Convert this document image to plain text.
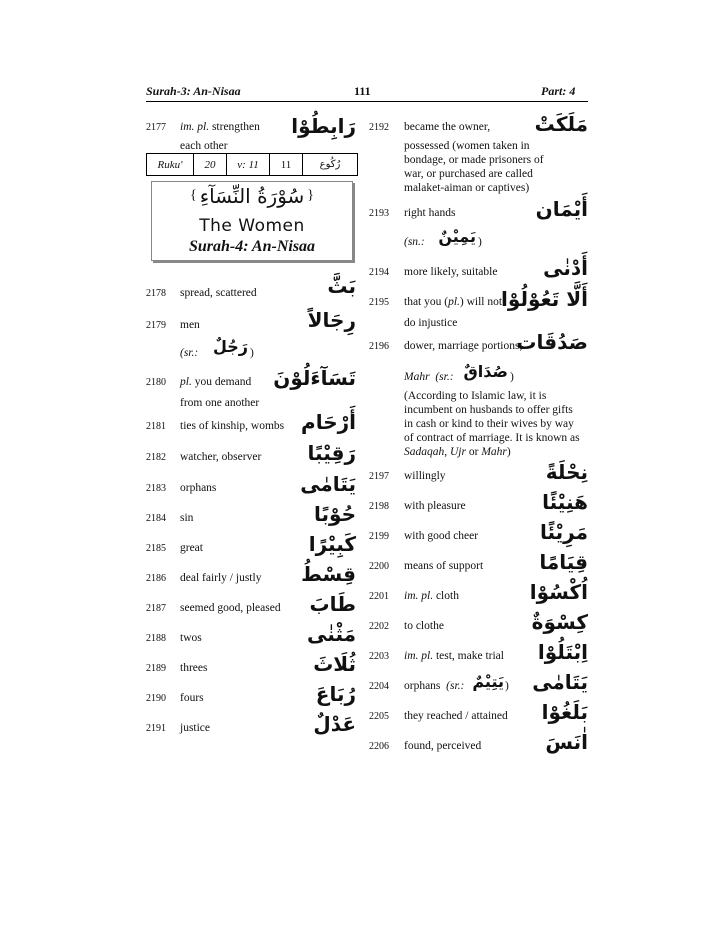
Surah-3: An-Nisaa	111	Part: 4
2177 im. pl. strengthen
each other
رَابِطُوْا
Ruku'	20	v: 11	11	رُكُوع
{	}
سُوْرَةُ النِّسَآءِ
The Women
Surah-4: An-Nisaa
2178 spread, scattered	بَثَّ
2179 men	رِجَالاً
(sr.: رَجُلٌ )
2180 pl. you demand
from one another
تَسَآءَلُوْنَ
2181 ties of kinship, wombs أَرْحَام
2182 watcher, observer	رَقِيْبًا
2183 orphans	يَتَامٰى
2184 sin	حُوْبًا
2185 great	كَبِيْرًا
2186 deal fairly / justly	قِسْطُ
2187 seemed good, pleased	طَابَ
2188 twos	مَثْنٰى
2189 threes	ثُلَاثَ
2190 fours	رُبَاعَ
2191 justice	عَدْلٌ
2192 became the owner,
possessed (women taken in bondage, or made prisoners of war, or purchased are called malaket-aiman or captives)
مَلَكَتْ
2193 right hands	أَيْمَان
(sn.: يَمِيْنٌ )
2194 more likely, suitable	أَدْنٰى
2195 that you (pl.) will not
do injustice
أَلَّا تَعُوْلُوْا
2196 dower, marriage portions,
صَدُقَات
Mahr (sr.: صُدَاقٌ )
(According to Islamic law, it is incumbent on husbands to offer gifts in cash or kind to their wives by way of contract of marriage. It is known as Sadaqah, Ujr or Mahr)
2197 willingly	نِحْلَةً
2198 with pleasure	هَنِيْئًا
2199 with good cheer	مَرِيْئًا
2200 means of support	قِيَامًا
2201 im. pl. cloth	اُكْسُوْا
2202 to clothe	كِسْوَةٌ
2203 im. pl. test, make trial	اِبْتَلُوْا
2204 orphans (sr.: يَتِيْمٌ )	يَتَامٰى
2205 they reached / attained	بَلَغُوْا
2206 found, perceived	اٰنَسَ
